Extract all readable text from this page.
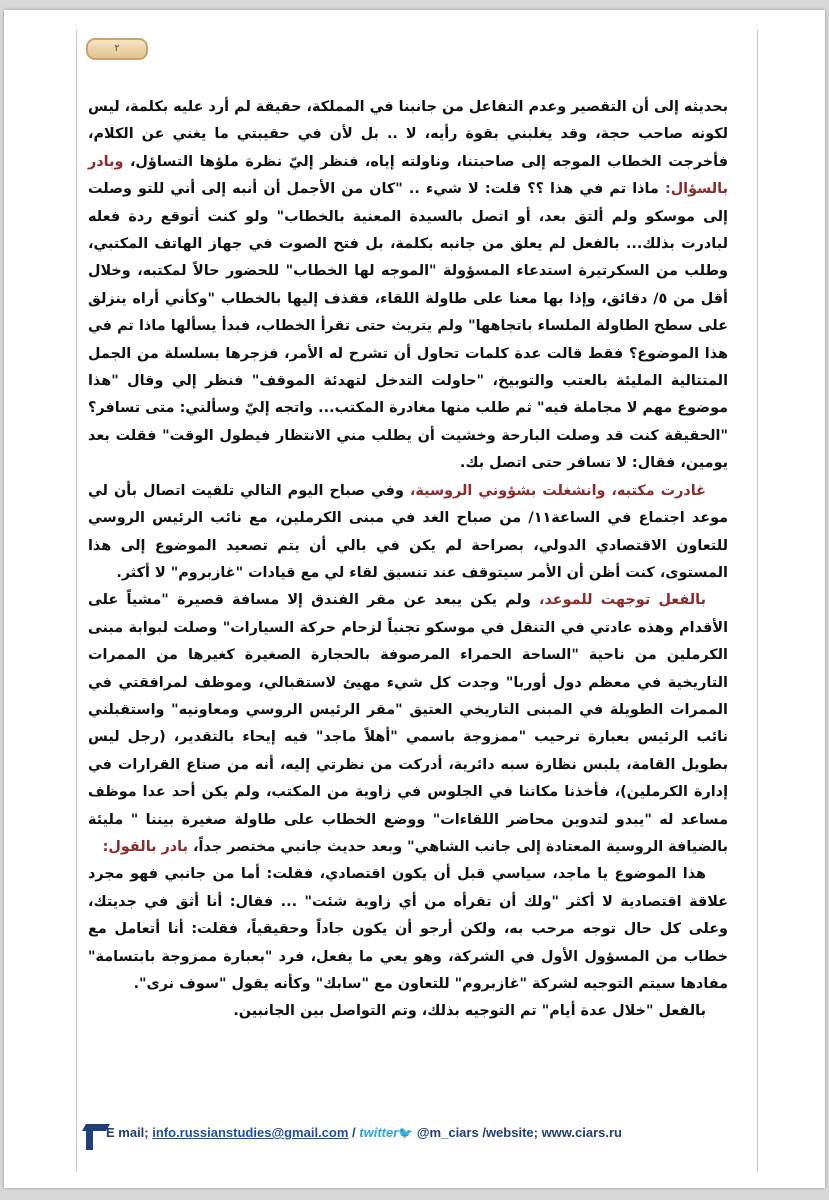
٢

بحديثه إلى أن التقصير وعدم التفاعل من جانبنا في المملكة، حقيقة لم أرد عليه بكلمة، ليس لكونه صاحب حجة، وقد يغلبني بقوة رأيه، لا .. بل لأن في حقيبتي ما يغني عن الكلام، فأخرجت الخطاب الموجه إلى صاحبتنا، وناولته إياه، فنظر إليّ نظرة ملؤها التساؤل، وبادر بالسؤال: ماذا تم في هذا ؟؟ قلت: لا شيء .. "كان من الأجمل أن أنبه إلى أني للتو وصلت إلى موسكو ولم ألتق بعد، أو اتصل بالسيدة المعنية بالخطاب" ولو كنت أتوقع ردة فعله لبادرت بذلك... بالفعل لم يعلق من جانبه بكلمة، بل فتح الصوت في جهاز الهاتف المكتبي، وطلب من السكرتيرة استدعاء المسؤولة "الموجه لها الخطاب" للحضور حالاً لمكتبه، وخلال أقل من ٥/ دقائق، وإذا بها معنا على طاولة اللقاء، فقذف إليها بالخطاب "وكأني أراه ينزلق على سطح الطاولة الملساء باتجاهها" ولم يتريث حتى تقرأ الخطاب، فبدأ يسألها ماذا تم في هذا الموضوع؟ فقط قالت عدة كلمات تحاول أن تشرح له الأمر، فزجرها بسلسلة من الجمل المتتالية المليئة بالعتب والتوبيخ، "حاولت التدخل لتهدئة الموقف" فنظر إلي وقال "هذا موضوع مهم لا مجاملة فيه" ثم طلب منها مغادرة المكتب... واتجه إليّ وسألني: متى تسافر؟ "الحقيقة كنت قد وصلت البارحة وخشيت أن يطلب مني الانتظار فيطول الوقت" فقلت بعد يومين، فقال: لا تسافر حتى اتصل بك.

غادرت مكتبه، وانشغلت بشؤوني الروسية، وفي صباح اليوم التالي تلقيت اتصال بأن لي موعد اجتماع في الساعة١١/ من صباح الغد في مبنى الكرملين، مع نائب الرئيس الروسي للتعاون الاقتصادي الدولي، بصراحة لم يكن في بالي أن يتم تصعيد الموضوع إلى هذا المستوى، كنت أظن أن الأمر سيتوقف عند تنسيق لقاء لي مع قيادات "غازبروم" لا أكثر.

بالفعل توجهت للموعد، ولم يكن يبعد عن مقر الفندق إلا مسافة قصيرة "مشياً على الأقدام وهذه عادتي في التنقل في موسكو تجنباً لزحام حركة السيارات" وصلت لبوابة مبنى الكرملين من ناحية "الساحة الحمراء المرصوفة بالحجارة الصغيرة كغيرها من الممرات التاريخية في معظم دول أوربا" وجدت كل شيء مهيئ لاستقبالي، وموظف لمرافقتي في الممرات الطويلة في المبنى التاريخي العتيق "مقر الرئيس الروسي ومعاونيه" واستقبلني نائب الرئيس بعبارة ترحيب "ممزوجة باسمي "أهلاً ماجد" فيه إيحاء بالتقدير، (رجل ليس بطويل القامة، يلبس نظارة سبه دائرية، أدركت من نظرتي إليه، أنه من صناع القرارات في إدارة الكرملين)، فأخذنا مكاننا في الجلوس في زاوية من المكتب، ولم يكن أحد عدا موظف مساعد له "يبدو لتدوين محاضر اللقاءات" ووضع الخطاب على طاولة صغيرة بيننا " مليئة بالضيافة الروسية المعتادة إلى جانب الشاهي" وبعد حديث جانبي مختصر جداً، بادر بالقول:

هذا الموضوع يا ماجد، سياسي قبل أن يكون اقتصادي، فقلت: أما من جانبي فهو مجرد علاقة اقتصادية لا أكثر "ولك أن تقرأه من أي زاوية شئت" ... فقال: أنا أثق في جديتك، وعلى كل حال توجه مرحب به، ولكن أرجو أن يكون جاداً وحقيقياً، فقلت: أنا أتعامل مع خطاب من المسؤول الأول في الشركة، وهو يعي ما يفعل، فرد "بعبارة ممزوجة بابتسامة" مفادها سيتم التوجيه لشركة "غازبروم" للتعاون مع "سابك" وكأنه يقول "سوف نرى".

بالفعل "خلال عدة أيام" تم التوجيه بذلك، وتم التواصل بين الجانبين.

E mail; info.russianstudies@gmail.com / twitter🐦 @m_ciars /website; www.ciars.ru
